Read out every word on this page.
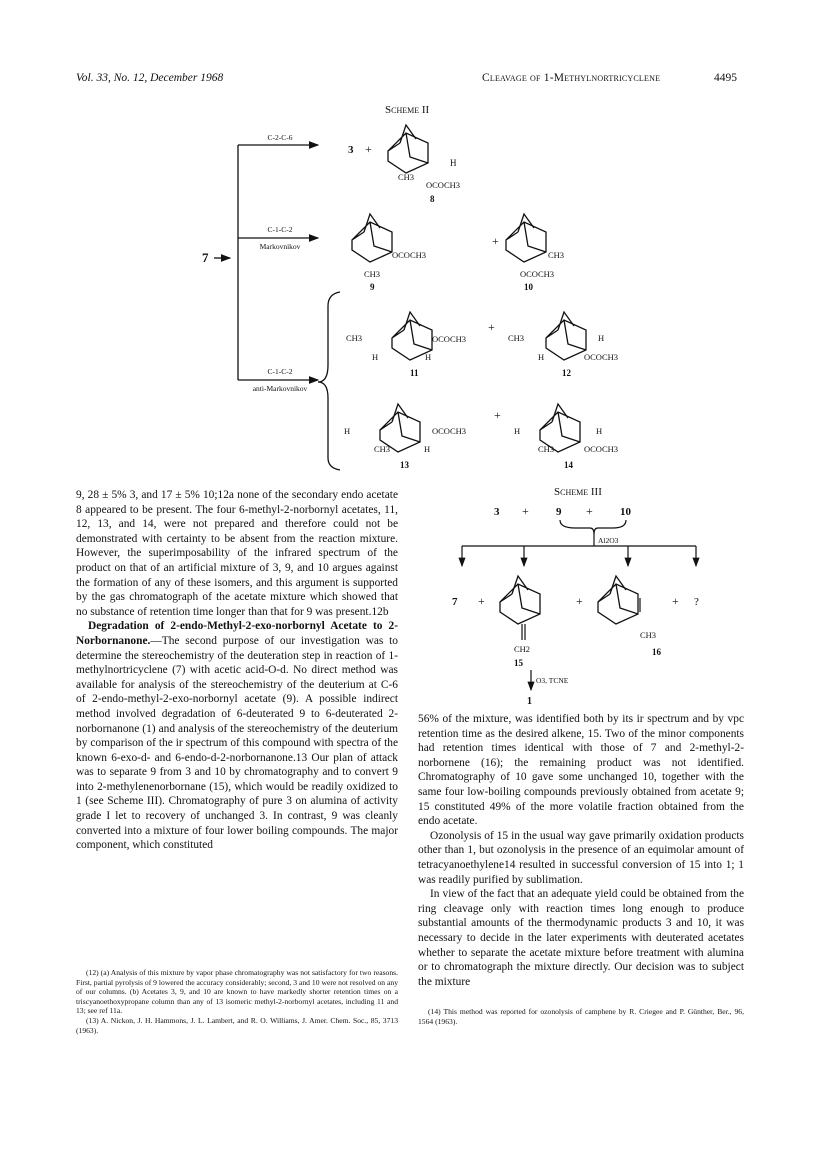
Vol. 33, No. 12, December 1968	Cleavage of 1-Methylnortricyclene	4495
Scheme II
7
C-2-C-6
C-1-C-2
Markovnikov
C-1-C-2
anti-Markovnikov
3 +
H
CH3
OCOCH3
8
OCOCH3
CH3
9
+
CH3
OCOCH3
10
CH3
H	H
OCOCH3
11
+
CH3	H
H	OCOCH3
12
H
CH3	H
OCOCH3
13
+
H
CH3
H
OCOCH3
14
Scheme III
3 + 9 + 10
Al2O3
7 +
CH2
15
+
CH3
16
+ ?
O3, TCNE
1

9, 28 ± 5% 3, and 17 ± 5% 10;12a none of the secondary endo acetate 8 appeared to be present. The four 6-methyl-2-norbornyl acetates, 11, 12, 13, and 14, were not prepared and therefore could not be demonstrated with certainty to be absent from the reaction mixture. However, the superimposability of the infrared spectrum of the product on that of an artificial mixture of 3, 9, and 10 argues against the formation of any of these isomers, and this argument is supported by the gas chromatograph of the acetate mixture which showed that no substance of retention time longer than that for 9 was present.12b

Degradation of 2-endo-Methyl-2-exo-norbornyl Acetate to 2-Norbornanone.—The second purpose of our investigation was to determine the stereochemistry of the deuteration step in reaction of 1-methylnortricyclene (7) with acetic acid-O-d. No direct method was available for analysis of the stereochemistry of the deuterium at C-6 of 2-endo-methyl-2-exo-norbornyl acetate (9). A possible indirect method involved degradation of 6-deuterated 9 to 6-deuterated 2-norbornanone (1) and analysis of the stereochemistry of the deuterium by comparison of the ir spectrum of this compound with spectra of the known 6-exo-d- and 6-endo-d-2-norbornanone.13 Our plan of attack was to separate 9 from 3 and 10 by chromatography and to convert 9 into 2-methylenenorbornane (15), which would be readily oxidized to 1 (see Scheme III). Chromatography of pure 3 on alumina of activity grade I let to recovery of unchanged 3. In contrast, 9 was cleanly converted into a mixture of four lower boiling compounds. The major component, which constituted

(12) (a) Analysis of this mixture by vapor phase chromatography was not satisfactory for two reasons. First, partial pyrolysis of 9 lowered the accuracy considerably; second, 3 and 10 were not resolved on any of our columns. (b) Acetates 3, 9, and 10 are known to have markedly shorter retention times on a triscyanoethoxypropane column than any of 13 isomeric methyl-2-norbornyl acetates, including 11 and 13; see ref 11a.

(13) A. Nickon, J. H. Hammons, J. L. Lambert, and R. O. Williams, J. Amer. Chem. Soc., 85, 3713 (1963).

56% of the mixture, was identified both by its ir spectrum and by vpc retention time as the desired alkene, 15. Two of the minor components had retention times identical with those of 7 and 2-methyl-2-norbornene (16); the remaining product was not identified. Chromatography of 10 gave some unchanged 10, together with the same four low-boiling compounds previously obtained from acetate 9; 15 constituted 49% of the more volatile fraction obtained from the endo acetate.

Ozonolysis of 15 in the usual way gave primarily oxidation products other than 1, but ozonolysis in the presence of an equimolar amount of tetracyanoethylene14 resulted in successful conversion of 15 into 1; 1 was readily purified by sublimation.

In view of the fact that an adequate yield could be obtained from the ring cleavage only with reaction times long enough to produce substantial amounts of the thermodynamic products 3 and 10, it was necessary to decide in the later experiments with deuterated acetates whether to separate the acetate mixture before treatment with alumina or to chromatograph the mixture directly. Our decision was to subject the mixture

(14) This method was reported for ozonolysis of camphene by R. Criegee and P. Günther, Ber., 96, 1564 (1963).
